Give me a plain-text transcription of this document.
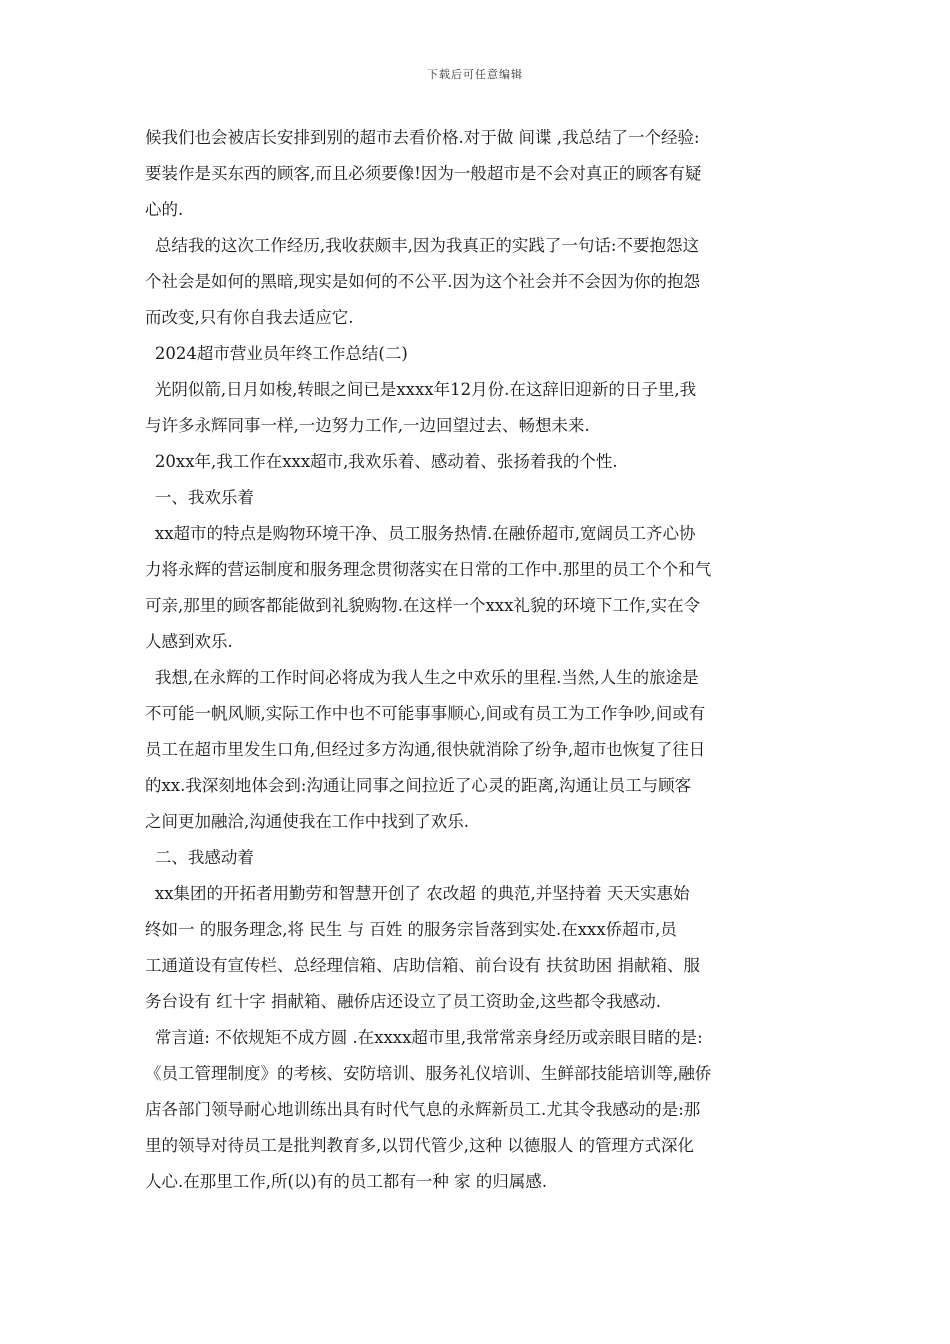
下载后可任意编辑
候我们也会被店长安排到别的超市去看价格.对于做 间谍 ,我总结了一个经验:
要装作是买东西的顾客,而且必须要像!因为一般超市是不会对真正的顾客有疑
心的.
总结我的这次工作经历,我收获颇丰,因为我真正的实践了一句话:不要抱怨这
个社会是如何的黑暗,现实是如何的不公平.因为这个社会并不会因为你的抱怨
而改变,只有你自我去适应它.
2024超市营业员年终工作总结(二)
光阴似箭,日月如梭,转眼之间已是xxxx年12月份.在这辞旧迎新的日子里,我
与许多永辉同事一样,一边努力工作,一边回望过去、畅想未来.
20xx年,我工作在xxx超市,我欢乐着、感动着、张扬着我的个性.
一、我欢乐着
xx超市的特点是购物环境干净、员工服务热情.在融侨超市,宽阔员工齐心协
力将永辉的营运制度和服务理念贯彻落实在日常的工作中.那里的员工个个和气
可亲,那里的顾客都能做到礼貌购物.在这样一个xxx礼貌的环境下工作,实在令
人感到欢乐.
我想,在永辉的工作时间必将成为我人生之中欢乐的里程.当然,人生的旅途是
不可能一帆风顺,实际工作中也不可能事事顺心,间或有员工为工作争吵,间或有
员工在超市里发生口角,但经过多方沟通,很快就消除了纷争,超市也恢复了往日
的xx.我深刻地体会到:沟通让同事之间拉近了心灵的距离,沟通让员工与顾客
之间更加融洽,沟通使我在工作中找到了欢乐.
二、我感动着
xx集团的开拓者用勤劳和智慧开创了 农改超 的典范,并坚持着 天天实惠始
终如一 的服务理念,将 民生 与 百姓 的服务宗旨落到实处.在xxx侨超市,员
工通道设有宣传栏、总经理信箱、店助信箱、前台设有 扶贫助困 捐献箱、服
务台设有 红十字 捐献箱、融侨店还设立了员工资助金,这些都令我感动.
常言道: 不依规矩不成方圆 .在xxxx超市里,我常常亲身经历或亲眼目睹的是:
《员工管理制度》的考核、安防培训、服务礼仪培训、生鲜部技能培训等,融侨
店各部门领导耐心地训练出具有时代气息的永辉新员工.尤其令我感动的是:那
里的领导对待员工是批判教育多,以罚代管少,这种 以德服人 的管理方式深化
人心.在那里工作,所(以)有的员工都有一种 家 的归属感.
